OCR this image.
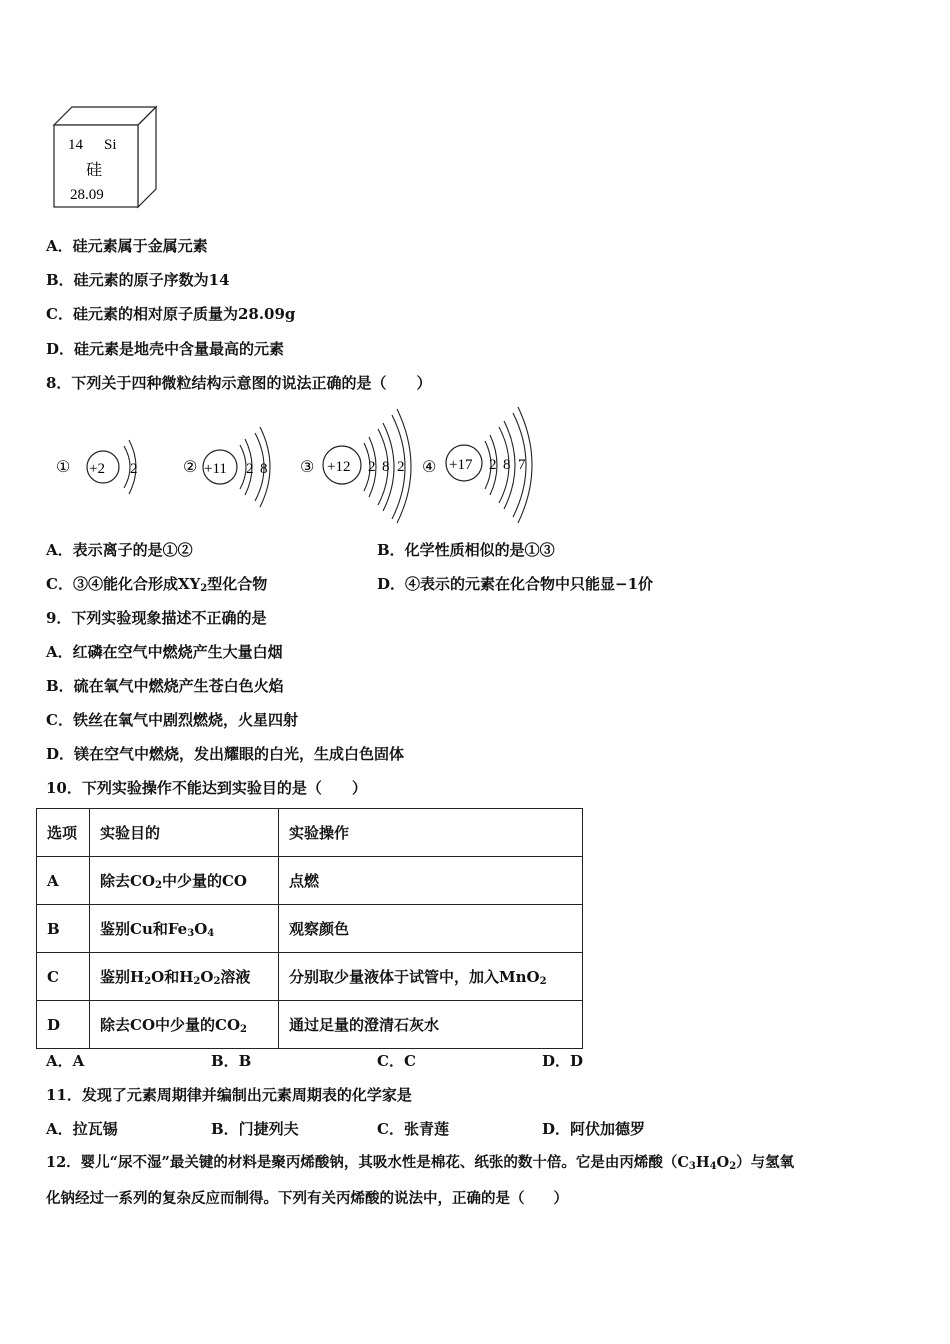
14 Si
硅
28.09
A．硅元素属于金属元素
B．硅元素的原子序数为14
C．硅元素的相对原子质量为28.09g
D．硅元素是地壳中含量最高的元素
8．下列关于四种微粒结构示意图的说法正确的是（　　）
① +2 2	② +11 2 8 ③ +12 2 8 2 ④ +17 2 8 7
A．表示离子的是①②	B．化学性质相似的是①③
C．③④能化合形成$XY_2$型化合物	D．④表示的元素在化合物中只能显−1价
9．下列实验现象描述不正确的是
A．红磷在空气中燃烧产生大量白烟
B．硫在氧气中燃烧产生苍白色火焰
C．铁丝在氧气中剧烈燃烧，火星四射
D．镁在空气中燃烧，发出耀眼的白光，生成白色固体
10．下列实验操作不能达到实验目的是（　　）
选项	实验目的	实验操作
A	除去$CO_2$中少量的CO	点燃
B	鉴别Cu和$Fe_3O_4$	观察颜色
C	鉴别$H_2O$和$H_2O_2$溶液	分别取少量液体于试管中，加入MnO$_2$
D	除去CO中少量的$CO_2$	通过足量的澄清石灰水
A．A	B．B	C．C	D．D
11．发现了元素周期律并编制出元素周期表的化学家是
A．拉瓦锡	B．门捷列夫	C．张青莲	D．阿伏加德罗
12．婴儿“尿不湿”最关键的材料是聚丙烯酸钠，其吸水性是棉花、纸张的数十倍。它是由丙烯酸$(C_3H_4O_2)$与氢氧
化钠经过一系列的复杂反应而制得。下列有关丙烯酸的说法中，正确的是（　　）
